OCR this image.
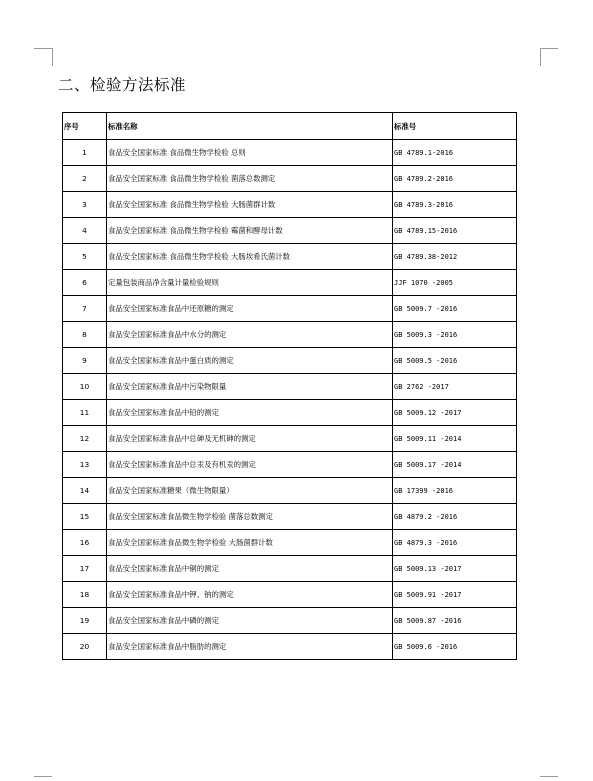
二、检验方法标准
序号	标准名称	标准号
1	食品安全国家标准 食品微生物学检验 总则	GB 4789.1-2016
2	食品安全国家标准 食品微生物学检验 菌落总数测定	GB 4789.2-2016
3	食品安全国家标准 食品微生物学检验 大肠菌群计数	GB 4789.3-2016
4	食品安全国家标准 食品微生物学检验 霉菌和酵母计数	GB 4789.15-2016
5	食品安全国家标准 食品微生物学检验 大肠埃希氏菌计数	GB 4789.38-2012
6	定量包装商品净含量计量检验规则	JJF 1070 -2005
7	食品安全国家标准食品中还原糖的测定	GB 5009.7 -2016
8	食品安全国家标准食品中水分的测定	GB 5009.3 -2016
9	食品安全国家标准食品中蛋白质的测定	GB 5009.5 -2016
10	食品安全国家标准食品中污染物限量	GB 2762 -2017
11	食品安全国家标准食品中铅的测定	GB 5009.12 -2017
12	食品安全国家标准食品中总砷及无机砷的测定	GB 5009.11 -2014
13	食品安全国家标准食品中总汞及有机汞的测定	GB 5009.17 -2014
14	食品安全国家标准糖果（微生物限量）	GB 17399 -2016
15	食品安全国家标准食品微生物学检验 菌落总数测定	GB 4879.2 -2016
16	食品安全国家标准食品微生物学检验 大肠菌群计数	GB 4879.3 -2016
17	食品安全国家标准食品中铜的测定	GB 5009.13 -2017
18	食品安全国家标准食品中钾、钠的测定	GB 5009.91 -2017
19	食品安全国家标准食品中磷的测定	GB 5009.87 -2016
20	食品安全国家标准食品中脂肪的测定	GB 5009.6 -2016
